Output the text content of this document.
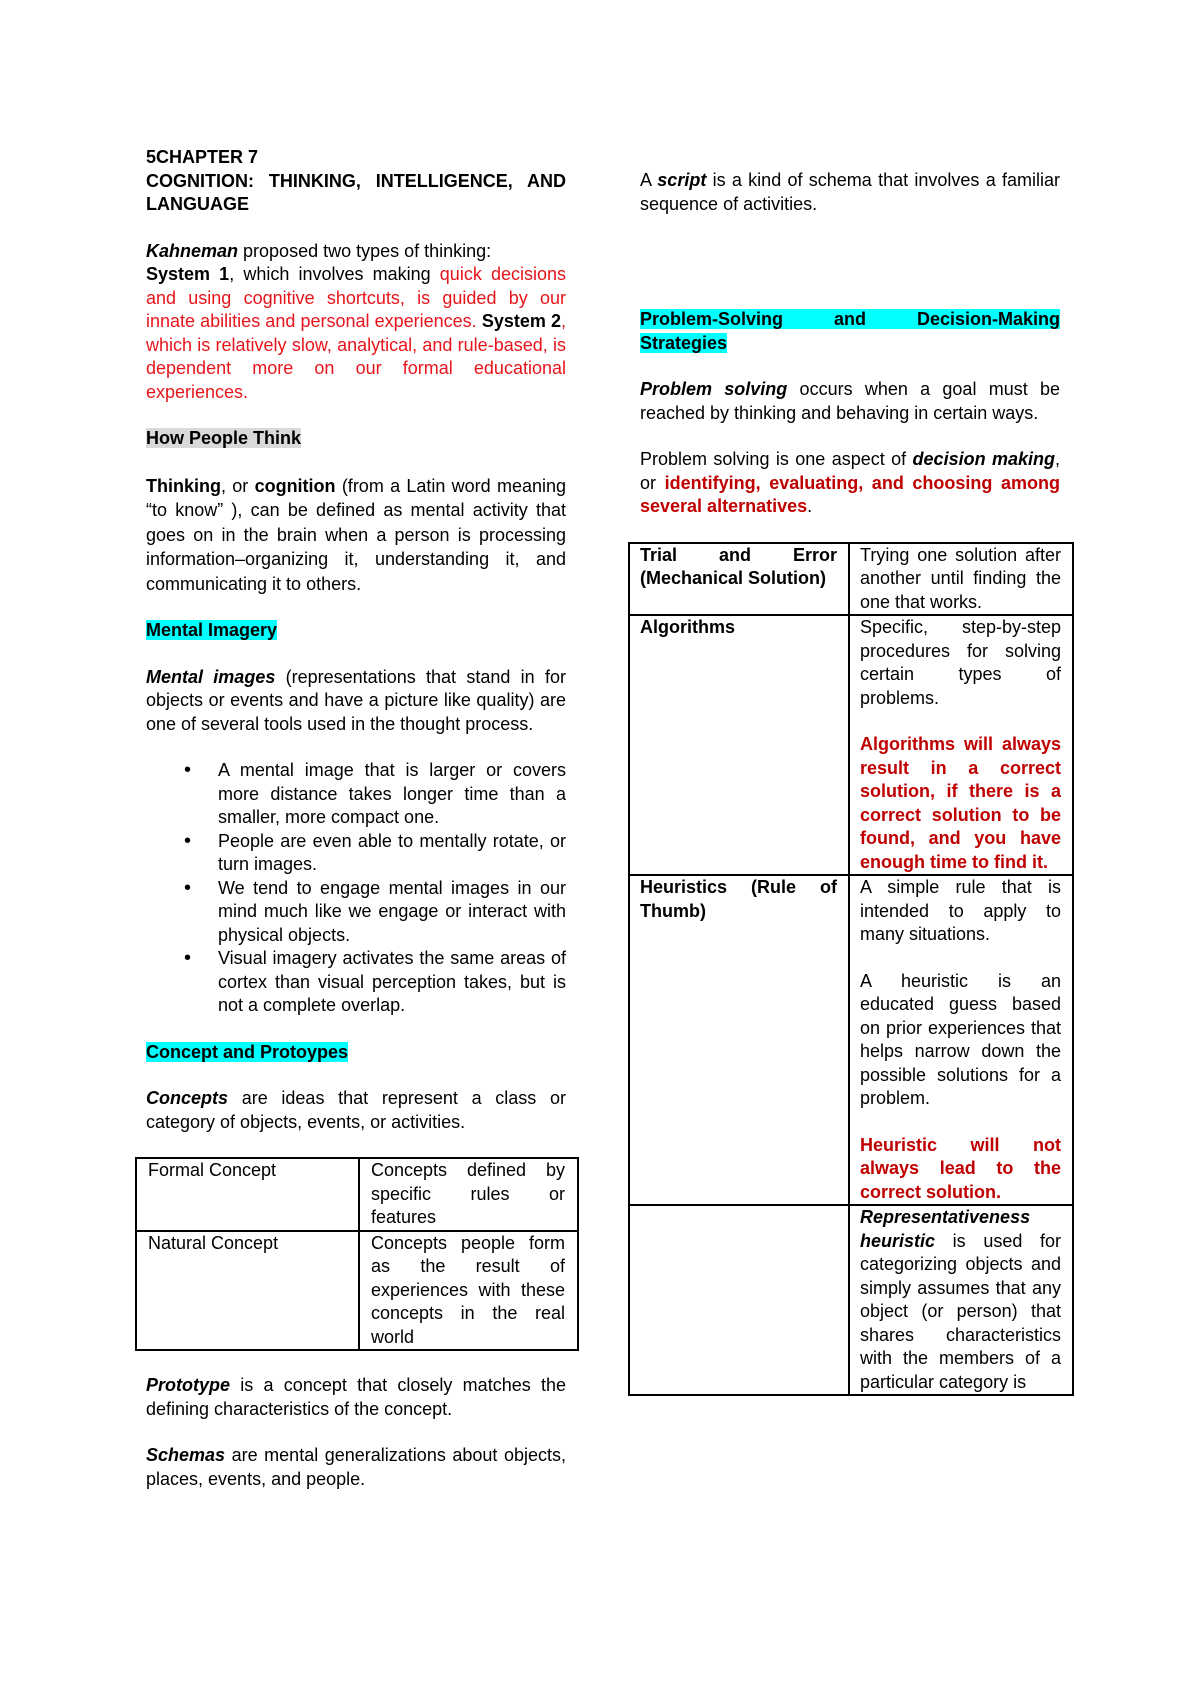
5CHAPTER 7
COGNITION: THINKING, INTELLIGENCE, AND LANGUAGE

Kahneman proposed two types of thinking:
System 1, which involves making quick decisions and using cognitive shortcuts, is guided by our innate abilities and personal experiences. System 2, which is relatively slow, analytical, and rule-based, is dependent more on our formal educational experiences.

How People Think

Thinking, or cognition (from a Latin word meaning “to know” ), can be defined as mental activity that goes on in the brain when a person is processing information–organizing it, understanding it, and communicating it to others.

Mental Imagery

Mental images (representations that stand in for objects or events and have a picture like quality) are one of several tools used in the thought process.

• A mental image that is larger or covers more distance takes longer time than a smaller, more compact one.
• People are even able to mentally rotate, or turn images.
• We tend to engage mental images in our mind much like we engage or interact with physical objects.
• Visual imagery activates the same areas of cortex than visual perception takes, but is not a complete overlap.

Concept and Protoypes

Concepts are ideas that represent a class or category of objects, events, or activities.

Formal Concept	Concepts defined by specific rules or features
Natural Concept	Concepts people form as the result of experiences with these concepts in the real world

Prototype is a concept that closely matches the defining characteristics of the concept.

Schemas are mental generalizations about objects, places, events, and people.

A script is a kind of schema that involves a familiar sequence of activities.

Problem-Solving and Decision-Making Strategies

Problem solving occurs when a goal must be reached by thinking and behaving in certain ways.

Problem solving is one aspect of decision making, or identifying, evaluating, and choosing among several alternatives.

Trial and Error (Mechanical Solution)	Trying one solution after another until finding the one that works.
Algorithms	Specific, step-by-step procedures for solving certain types of problems.
Algorithms will always result in a correct solution, if there is a correct solution to be found, and you have enough time to find it.

Heuristics (Rule of Thumb)	A simple rule that is intended to apply to many situations.
A heuristic is an educated guess based on prior experiences that helps narrow down the possible solutions for a problem.
Heuristic will not always lead to the correct solution.

	Representativeness heuristic is used for categorizing objects and simply assumes that any object (or person) that shares characteristics with the members of a particular category is
